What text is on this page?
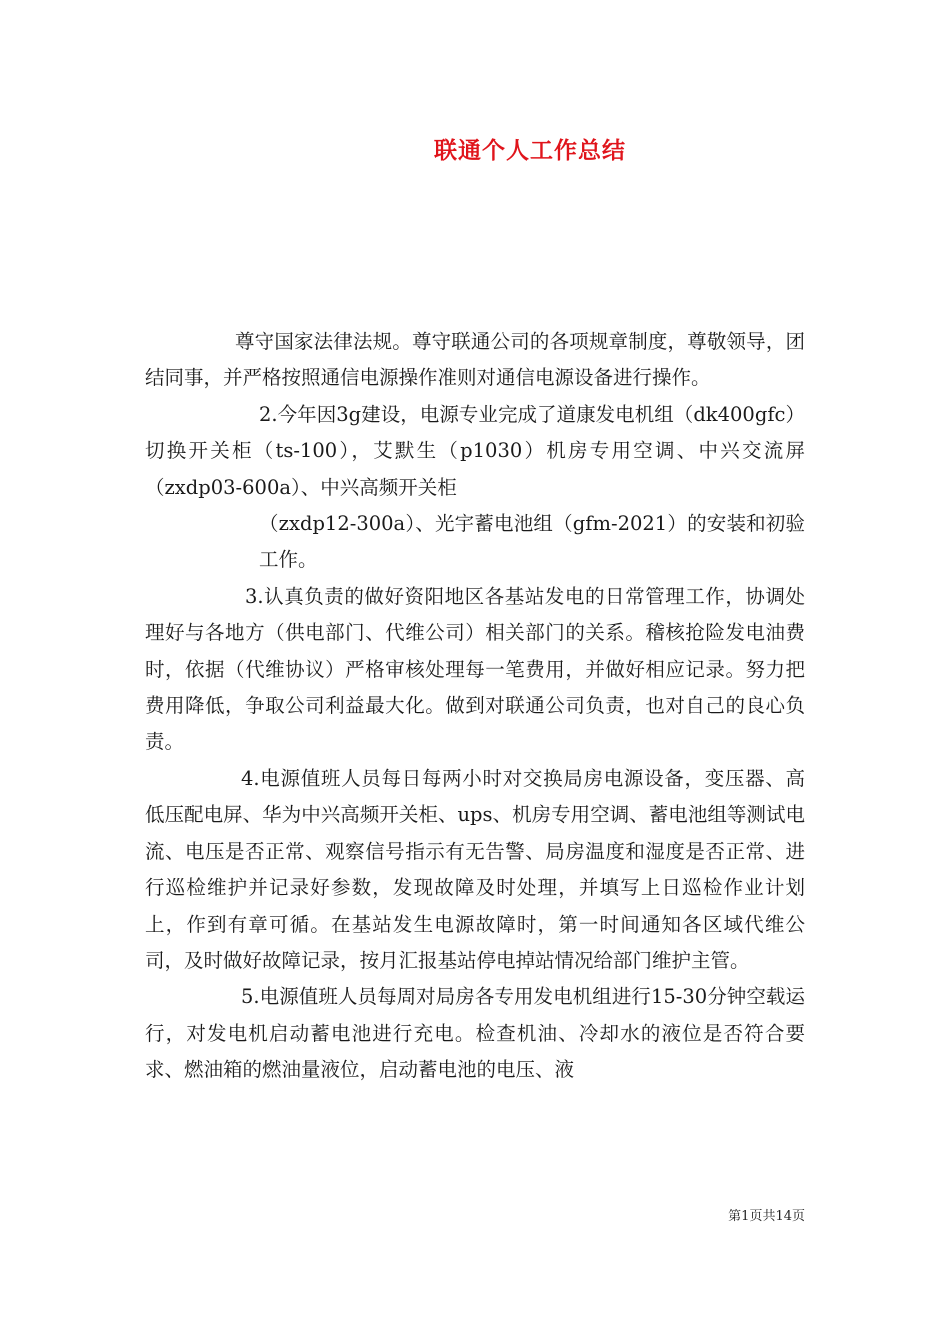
联通个人工作总结

尊守国家法律法规。尊守联通公司的各项规章制度，尊敬领导，团结同事，并严格按照通信电源操作准则对通信电源设备进行操作。

2.今年因3g建设，电源专业完成了道康发电机组（dk400gfc）切换开关柜（ts-100），艾默生（p1030）机房专用空调、中兴交流屏（zxdp03-600a）、中兴高频开关柜
（zxdp12-300a）、光宇蓄电池组（gfm-2021）的安装和初验工作。

3.认真负责的做好资阳地区各基站发电的日常管理工作，协调处理好与各地方（供电部门、代维公司）相关部门的关系。稽核抢险发电油费时，依据（代维协议）严格审核处理每一笔费用，并做好相应记录。努力把费用降低，争取公司利益最大化。做到对联通公司负责，也对自己的良心负责。

4.电源值班人员每日每两小时对交换局房电源设备，变压器、高低压配电屏、华为中兴高频开关柜、ups、机房专用空调、蓄电池组等测试电流、电压是否正常、观察信号指示有无告警、局房温度和湿度是否正常、进行巡检维护并记录好参数，发现故障及时处理，并填写上日巡检作业计划上，作到有章可循。在基站发生电源故障时，第一时间通知各区域代维公司，及时做好故障记录，按月汇报基站停电掉站情况给部门维护主管。

5.电源值班人员每周对局房各专用发电机组进行15-30分钟空载运行，对发电机启动蓄电池进行充电。检查机油、冷却水的液位是否符合要求、燃油箱的燃油量液位，启动蓄电池的电压、液

第1页共14页
